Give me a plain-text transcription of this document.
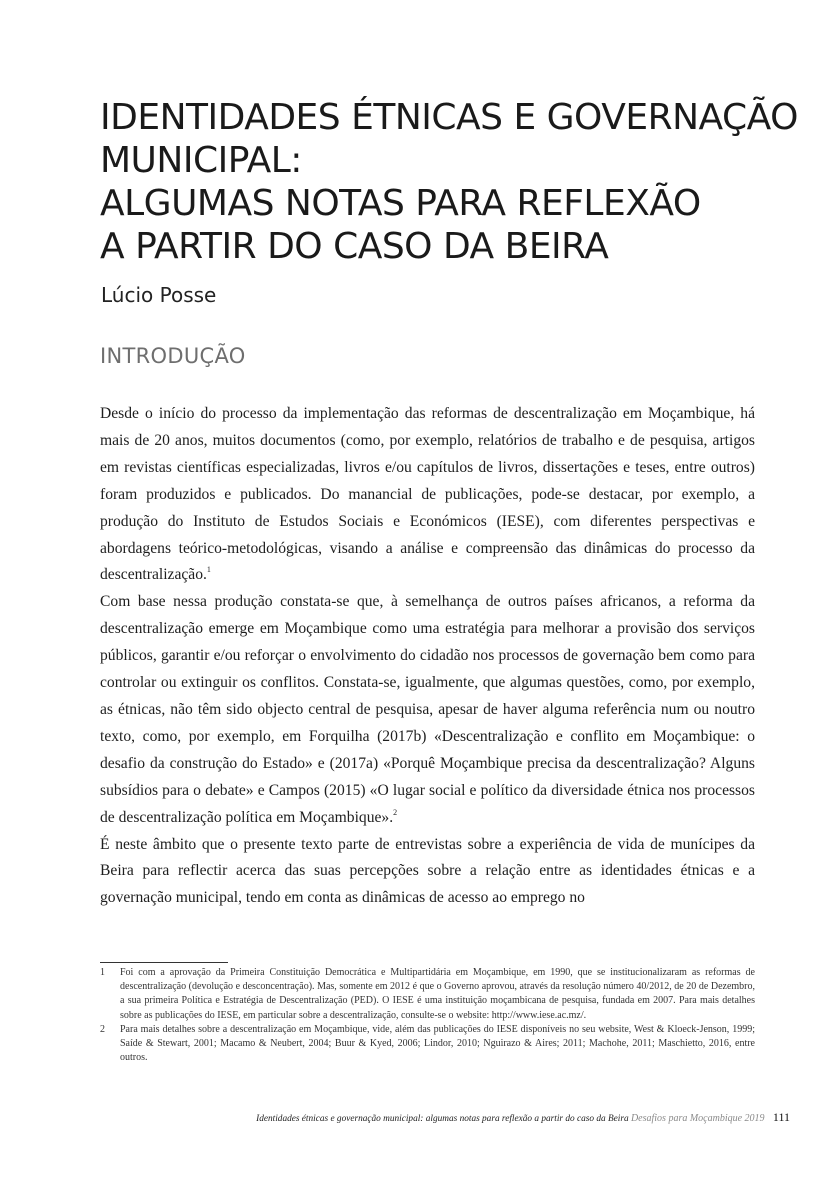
IDENTIDADES ÉTNICAS E GOVERNAÇÃO
MUNICIPAL:
ALGUMAS NOTAS PARA REFLEXÃO
A PARTIR DO CASO DA BEIRA
Lúcio Posse
INTRODUÇÃO

Desde o início do processo da implementação das reformas de descentralização em Moçambique, há mais de 20 anos, muitos documentos (como, por exemplo, relatórios de trabalho e de pesquisa, artigos em revistas científicas especializadas, livros e/ou capítulos de livros, dissertações e teses, entre outros) foram produzidos e publicados. Do manancial de publicações, pode-se destacar, por exemplo, a produção do Instituto de Estudos Sociais e Económicos (IESE), com diferentes perspectivas e abordagens teórico-metodológicas, visando a análise e compreensão das dinâmicas do processo da descentralização.$^1$

Com base nessa produção constata-se que, à semelhança de outros países africanos, a reforma da descentralização emerge em Moçambique como uma estratégia para melhorar a provisão dos serviços públicos, garantir e/ou reforçar o envolvimento do cidadão nos processos de governação bem como para controlar ou extinguir os conflitos. Constata-se, igualmente, que algumas questões, como, por exemplo, as étnicas, não têm sido objecto central de pesquisa, apesar de haver alguma referência num ou noutro texto, como, por exemplo, em Forquilha (2017b) «Descentralização e conflito em Moçambique: o desafio da construção do Estado» e (2017a) «Porquê Moçambique precisa da descentralização? Alguns subsídios para o debate» e Campos (2015) «O lugar social e político da diversidade étnica nos processos de descentralização política em Moçambique».$^2$

É neste âmbito que o presente texto parte de entrevistas sobre a experiência de vida de munícipes da Beira para reflectir acerca das suas percepções sobre a relação entre as identidades étnicas e a governação municipal, tendo em conta as dinâmicas de acesso ao emprego no

1	Foi com a aprovação da Primeira Constituição Democrática e Multipartidária em Moçambique, em 1990, que se institucionalizaram as reformas de descentralização (devolução e desconcentração). Mas, somente em 2012 é que o Governo aprovou, através da resolução número 40/2012, de 20 de Dezembro, a sua primeira Política e Estratégia de Descentralização (PED). O IESE é uma instituição moçambicana de pesquisa, fundada em 2007. Para mais detalhes sobre as publicações do IESE, em particular sobre a descentralização, consulte-se o website: http://www.iese.ac.mz/.
2	Para mais detalhes sobre a descentralização em Moçambique, vide, além das publicações do IESE disponíveis no seu website, West & Kloeck-Jenson, 1999; Saíde & Stewart, 2001; Macamo & Neubert, 2004; Buur & Kyed, 2006; Lindor, 2010; Nguirazo & Aires; 2011; Machohe, 2011; Maschietto, 2016, entre outros.
Identidades étnicas e governação municipal: algumas notas para reflexão a partir do caso da Beira Desafios para Moçambique 2019 111
